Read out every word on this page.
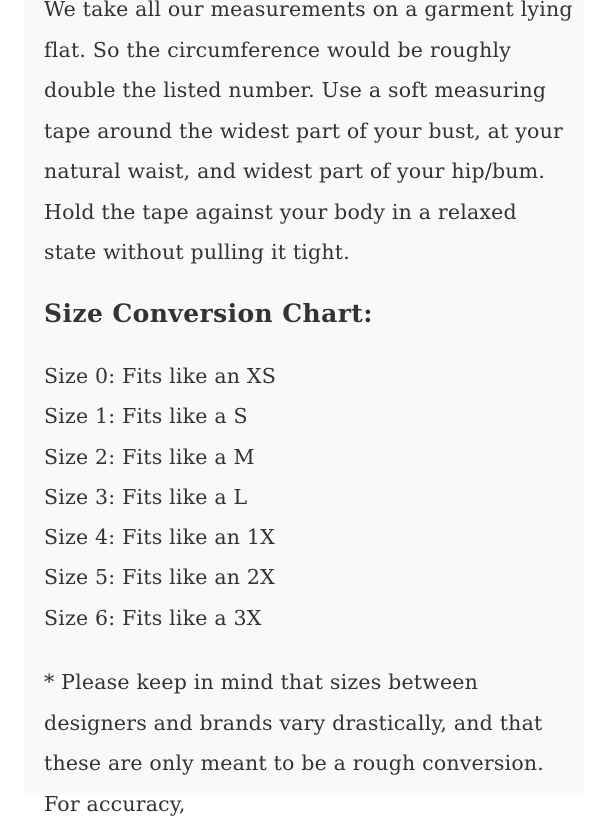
We take all our measurements on a garment lying flat. So the circumference would be roughly double the listed number. Use a soft measuring tape around the widest part of your bust, at your natural waist, and widest part of your hip/bum. Hold the tape against your body in a relaxed state without pulling it tight.

Size Conversion Chart:
Size 0: Fits like an XS
Size 1: Fits like a S
Size 2: Fits like a M
Size 3: Fits like a L
Size 4: Fits like an 1X
Size 5: Fits like an 2X
Size 6: Fits like a 3X

* Please keep in mind that sizes between designers and brands vary drastically, and that these are only meant to be a rough conversion. For accuracy,
